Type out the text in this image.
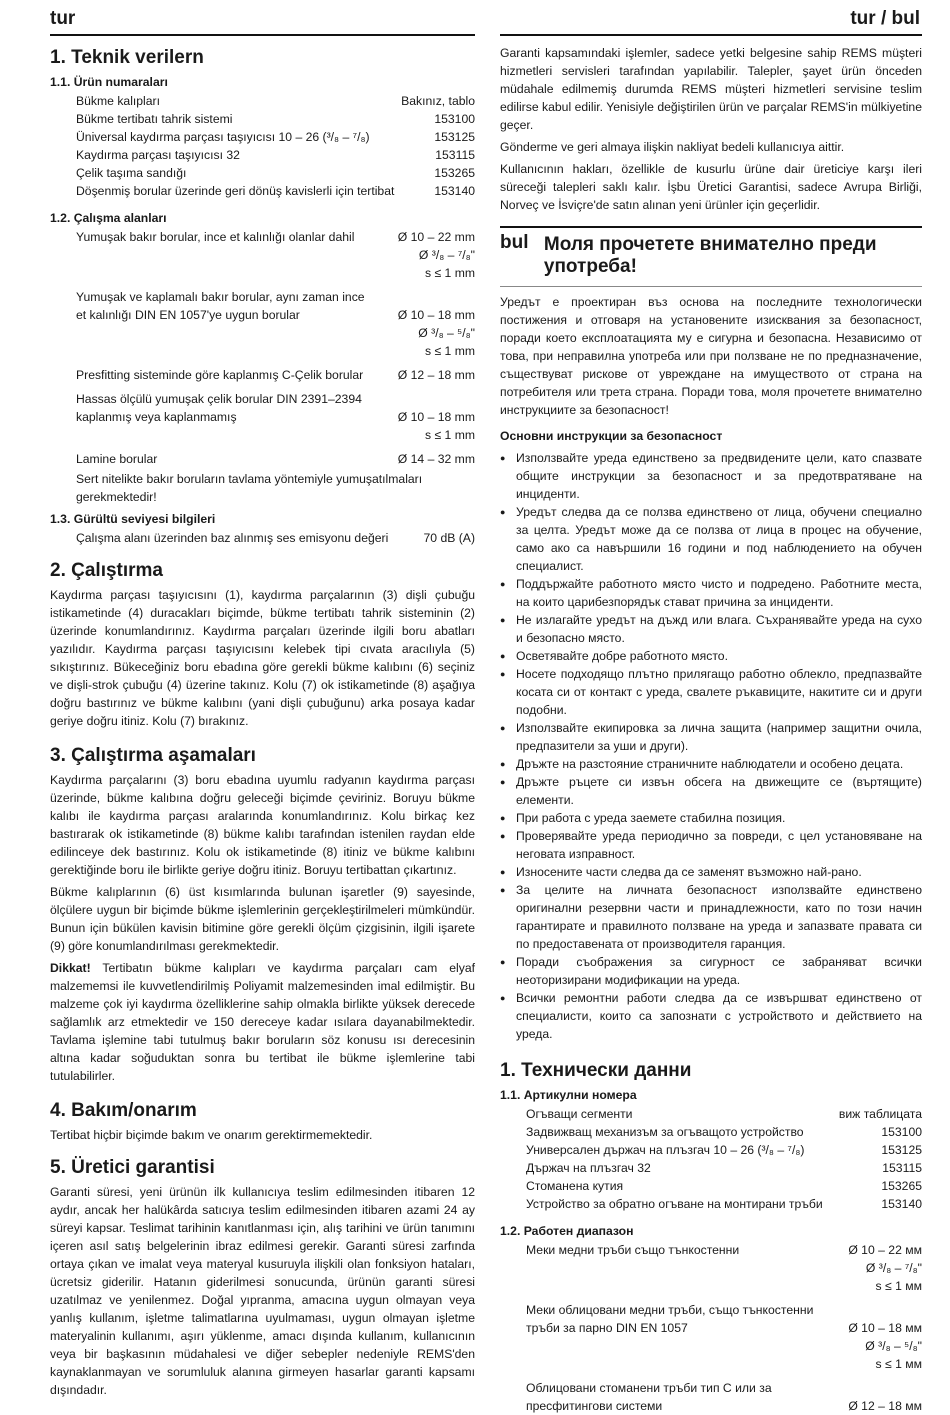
tur	tur / bul
1. Teknik verilern
1.1. Ürün numaraları
Bükme kalıpları	Bakınız, tablo
Bükme tertibatı tahrik sistemi	153100
Üniversal kaydırma parçası taşıyıcısı 10 – 26 (³/₈ – ⁷/₈)	153125
Kaydırma parçası taşıyıcısı 32	153115
Çelik taşıma sandığı	153265
Döşenmiş borular üzerinde geri dönüş kavislerli için tertibat	153140
1.2. Çalışma alanları
Yumuşak bakır borular, ince et kalınlığı olanlar dahil	Ø 10 – 22 mm
Ø ³/₈ – ⁷/₈"
s ≤ 1 mm
Yumuşak ve kaplamalı bakır borular, aynı zaman ince et kalınlığı DIN EN 1057'ye uygun borular
	Ø 10 – 18 mm
Ø ³/₈ – ⁵/₈"
s ≤ 1 mm
Presfitting sisteminde göre kaplanmış C-Çelik borular	Ø 12 – 18 mm
Hassas ölçülü yumuşak çelik borular DIN 2391–2394 kaplanmış veya kaplanmamış
	Ø 10 – 18 mm
s ≤ 1 mm
Lamine borular	Ø 14 – 32 mm

Sert nitelikte bakır boruların tavlama yöntemiyle yumuşatılmaları gerekmektedir!

1.3. Gürültü seviyesi bilgileri
Çalışma alanı üzerinden baz alınmış ses emisyonu değeri	70 dB (A)
2. Çalıştırma

Kaydırma parçası taşıyıcısını (1), kaydırma parçalarının (3) dişli çubuğu istikametinde (4) duracakları biçimde, bükme tertibatı tahrik sisteminin (2) üzerinde konumlandırınız. Kaydırma parçaları üzerinde ilgili boru abatları yazılıdır. Kaydırma parçası taşıyıcısını kelebek tipi cıvata aracılıyla (5) sıkıştırınız. Bükeceğiniz boru ebadına göre gerekli bükme kalıbını (6) seçiniz ve dişli-strok çubuğu (4) üzerine takınız. Kolu (7) ok istikametinde (8) aşağıya doğru bastırınız ve bükme kalıbını (yani dişli çubuğunu) arka posaya kadar geriye doğru itiniz. Kolu (7) bırakınız.

3. Çalıştırma aşamaları

Kaydırma parçalarını (3) boru ebadına uyumlu radyanın kaydırma parçası üzerinde, bükme kalıbına doğru geleceği biçimde çeviriniz. Boruyu bükme kalıbı ile kaydırma parçası aralarında konumlandırınız. Kolu birkaç kez bastırarak ok istikametinde (8) bükme kalıbı tarafından istenilen raydan elde edilinceye dek bastırınız. Kolu ok istikametinde (8) itiniz ve bükme kalıbını gerektiğinde boru ile birlikte geriye doğru itiniz. Boruyu tertibattan çıkartınız.

Bükme kalıplarının (6) üst kısımlarında bulunan işaretler (9) sayesinde, ölçülere uygun bir biçimde bükme işlemlerinin gerçekleştirilmeleri mümkündür. Bunun için bükülen kavisin bitimine göre gerekli ölçüm çizgisinin, ilgili işarete (9) göre konumlandırılması gerekmektedir.

Dikkat! Tertibatın bükme kalıpları ve kaydırma parçaları cam elyaf malzememsi ile kuvvetlendirilmiş Poliyamit malzemesinden imal edilmiştir. Bu malzeme çok iyi kaydırma özelliklerine sahip olmakla birlikte yüksek derecede sağlamlık arz etmektedir ve 150 dereceye kadar ısılara dayanabilmektedir. Tavlama işlemine tabi tutulmuş bakır boruların söz konusu ısı derecesinin altına kadar soğuduktan sonra bu tertibat ile bükme işlemlerine tabi tutulabilirler.

4. Bakım/onarım

Tertibat hiçbir biçimde bakım ve onarım gerektirmemektedir.

5. Üretici garantisi

Garanti süresi, yeni ürünün ilk kullanıcıya teslim edilmesinden itibaren 12 aydır, ancak her halükârda satıcıya teslim edilmesinden itibaren azami 24 ay süreyi kapsar. Teslimat tarihinin kanıtlanması için, alış tarihini ve ürün tanımını içeren asıl satış belgelerinin ibraz edilmesi gerekir. Garanti süresi zarfında ortaya çıkan ve imalat veya materyal kusuruyla ilişkili olan fonksiyon hataları, ücretsiz giderilir. Hatanın giderilmesi sonucunda, ürünün garanti süresi uzatılmaz ve yenilenmez. Doğal yıpranma, amacına uygun olmayan veya yanlış kullanım, işletme talimatlarına uyulmaması, uygun olmayan işletme materyalinin kullanımı, aşırı yüklenme, amacı dışında kullanım, kullanıcının veya bir başkasının müdahalesi ve diğer sebepler nedeniyle REMS'den kaynaklanmayan ve sorumluluk alanına girmeyen hasarlar garanti kapsamı dışındadır.

Garanti kapsamındaki işlemler, sadece yetki belgesine sahip REMS müşteri hizmetleri servisleri tarafından yapılabilir. Talepler, şayet ürün önceden müdahale edilmemiş durumda REMS müşteri hizmetleri servisine teslim edilirse kabul edilir. Yenisiyle değiştirilen ürün ve parçalar REMS'in mülkiyetine geçer.

Gönderme ve geri almaya ilişkin nakliyat bedeli kullanıcıya aittir.

Kullanıcının hakları, özellikle de kusurlu ürüne dair üreticiye karşı ileri süreceği talepleri saklı kalır. İşbu Üretici Garantisi, sadece Avrupa Birliği, Norveç ve İsviçre'de satın alınan yeni ürünler için geçerlidir.

bul Моля прочетете внимателно преди употреба!

Уредът е проектиран въз основа на последните технологически постижения и отговаря на установените изисквания за безопасност, поради което експлоатацията му е сигурна и безопасна. Независимо от това, при неправилна употреба или при ползване не по предназначение, съществуват рискове от увреждане на имуществото от страна на потребителя или трета страна. Поради това, моля прочетете внимателно инструкциите за безопасност!

Основни инструкции за безопасност
● Използвайте уреда единствено за предвидените цели, като спазвате общите инструкции за безопасност и за предотвратяване на инциденти.
● Уредът следва да се ползва единствено от лица, обучени специално за целта. Уредът може да се ползва от лица в процес на обучение, само ако са навършили 16 години и под наблюдението на обучен специалист.
● Поддържайте работното място чисто и подредено. Работните места, на които царибезпорядък стават причина за инциденти.
● Не излагайте уредът на дъжд или влага. Съхранявайте уреда на сухо и безопасно място.
● Осветявайте добре работното място.
● Носете подходящо плътно прилягащо работно облекло, предпазвайте косата си от контакт с уреда, свалете ръкавиците, накитите си и други подобни.
● Използвайте екипировка за лична защита (например защитни очила, предпазители за уши и други).
● Дръжте на разстояние страничните наблюдатели и особено децата.
● Дръжте ръцете си извън обсега на движещите се (въртящите) елементи.
● При работа с уреда заемете стабилна позиция.
● Проверявайте уреда периодично за повреди, с цел установяване на неговата изправност.
● Износените части следва да се заменят възможно най-рано.
● За целите на личната безопасност използвайте единствено оригинални резервни части и принадлежности, като по този начин гарантирате и правилното ползване на уреда и запазвате правата си по предоставената от производителя гаранция.
● Поради съображения за сигурност се забраняват всички неоторизирани модификации на уреда.
● Всички ремонтни работи следва да се извършват единствено от специалисти, които са запознати с устройството и действието на уреда.
1. Технически данни
1.1. Артикулни номера
Огъващи сегменти	виж таблицата
Задвижващ механизъм за огъващото устройство	153100
Универсален държач на плъзгач 10 – 26 (³/₈ – ⁷/₈)	153125
Държач на плъзгач 32	153115
Стоманена кутия	153265
Устройство за обратно огъване на монтирани тръби	153140
1.2. Работен диапазон
Меки медни тръби също тънкостенни	Ø 10 – 22 мм
Ø ³/₈ – ⁷/₈"
s ≤ 1 мм
Меки облицовани медни тръби, също тънкостенни тръби за парно DIN EN 1057
	Ø 10 – 18 мм
Ø ³/₈ – ⁵/₈"
s ≤ 1 мм
Облицовани стоманени тръби тип С или за пресфитингови системи
	Ø 12 – 18 мм
